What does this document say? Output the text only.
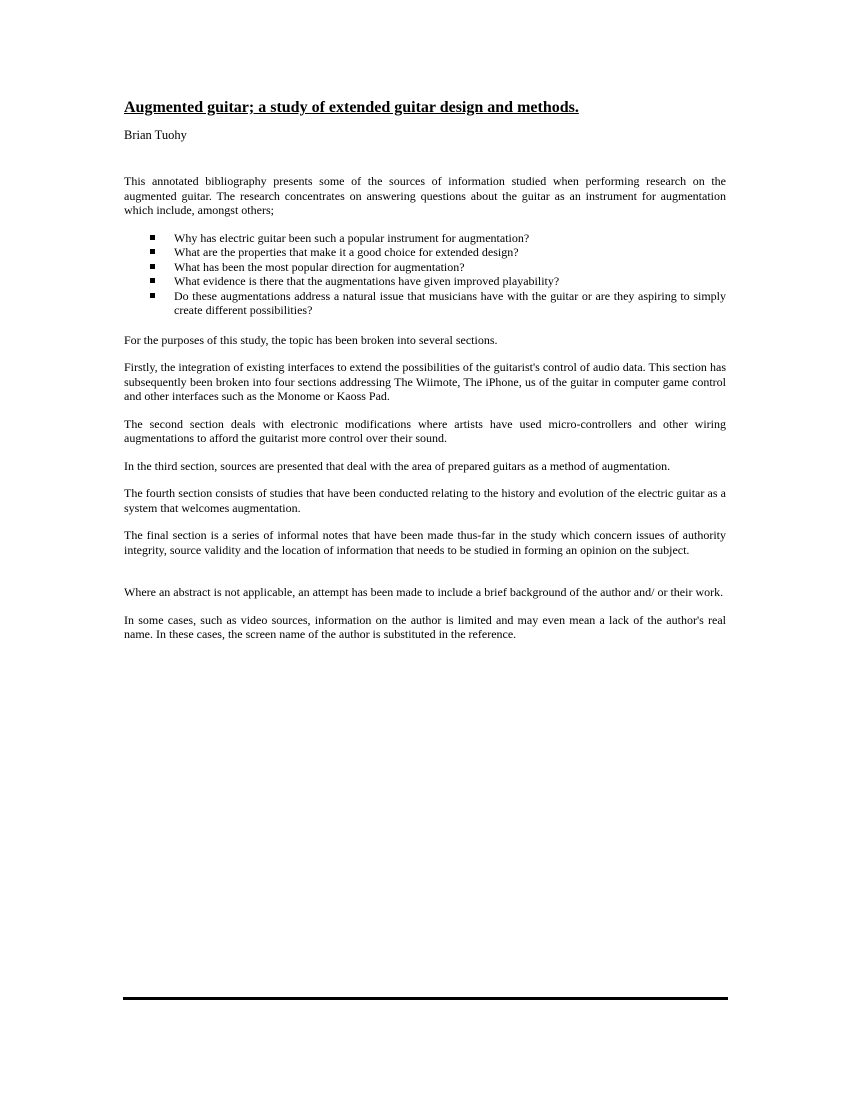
Augmented guitar; a study of extended guitar design and methods.
Brian Tuohy

This annotated bibliography presents some of the sources of information studied when performing research on the augmented guitar. The research concentrates on answering questions about the guitar as an instrument for augmentation which include, amongst others;

Why has electric guitar been such a popular instrument for augmentation?
What are the properties that make it a good choice for extended design?
What has been the most popular direction for augmentation?
What evidence is there that the augmentations have given improved playability?
Do these augmentations address a natural issue that musicians have with the guitar or are they aspiring to simply create different possibilities?

For the purposes of this study, the topic has been broken into several sections.

Firstly, the integration of existing interfaces to extend the possibilities of the guitarist's control of audio data. This section has subsequently been broken into four sections addressing The Wiimote, The iPhone, us of the guitar in computer game control and other interfaces such as the Monome or Kaoss Pad.

The second section deals with electronic modifications where artists have used micro-controllers and other wiring augmentations to afford the guitarist more control over their sound.

In the third section, sources are presented that deal with the area of prepared guitars as a method of augmentation.

The fourth section consists of studies that have been conducted relating to the history and evolution of the electric guitar as a system that welcomes augmentation.

The final section is a series of informal notes that have been made thus-far in the study which concern issues of authority integrity, source validity and the location of information that needs to be studied in forming an opinion on the subject.

Where an abstract is not applicable, an attempt has been made to include a brief background of the author and/ or their work.

In some cases, such as video sources, information on the author is limited and may even mean a lack of the author's real name. In these cases, the screen name of the author is substituted in the reference.
